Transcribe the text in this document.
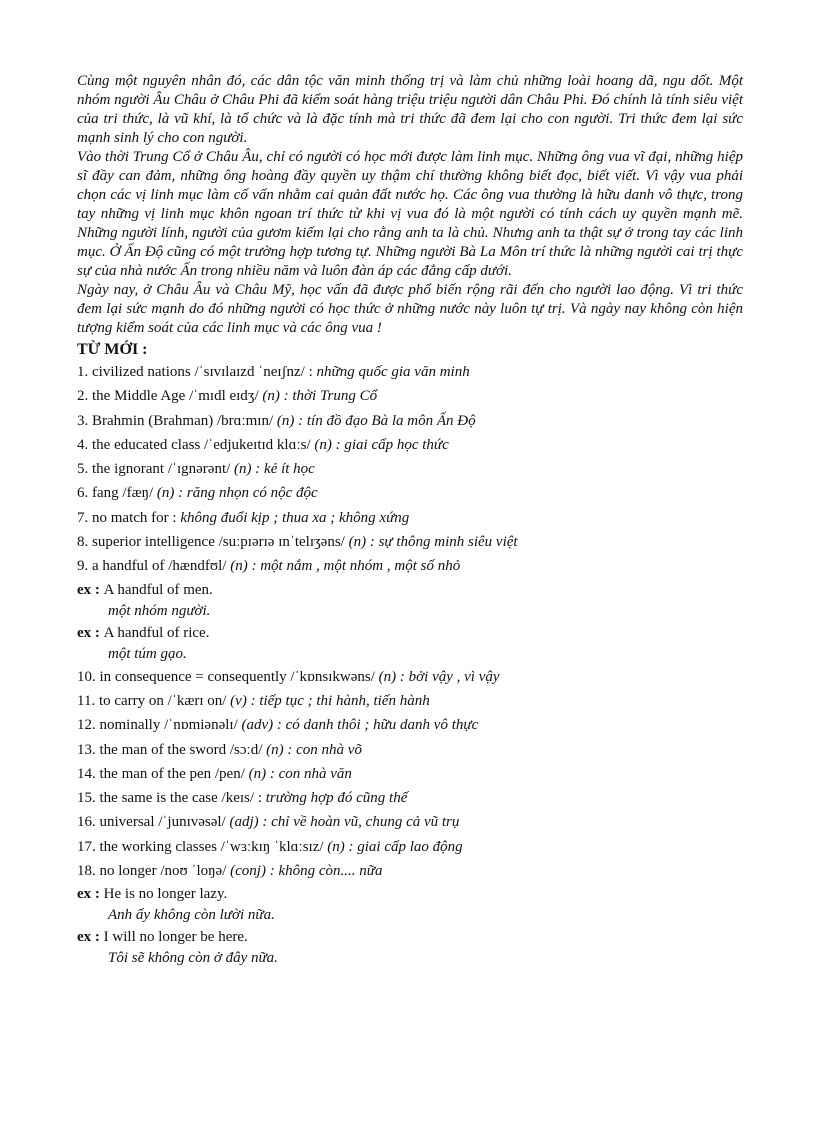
Cùng một nguyên nhân đó, các dân tộc văn minh thống trị và làm chủ những loài hoang dã, ngu dốt. Một nhóm người Âu Châu ở Châu Phi đã kiểm soát hàng triệu triệu người dân Châu Phi. Đó chính là tính siêu việt của tri thức, là vũ khí, là tổ chức và là đặc tính mà tri thức đã đem lại cho con người. Tri thức đem lại sức mạnh sinh lý cho con người.

Vào thời Trung Cổ ở Châu Âu, chỉ có người có học mới được làm linh mục. Những ông vua vĩ đại, những hiệp sĩ đầy can đảm, những ông hoàng đầy quyền uy thậm chí thường không biết đọc, biết viết. Vì vậy vua phải chọn các vị linh mục làm cố vấn nhằm cai quản đất nước họ. Các ông vua thường là hữu danh vô thực, trong tay những vị linh mục khôn ngoan trí thức từ khi vị vua đó là một người có tính cách uy quyền mạnh mẽ. Những người lính, người của gươm kiếm lại cho rằng anh ta là chủ. Nhưng anh ta thật sự ở trong tay các linh mục. Ở Ấn Độ cũng có một trường hợp tương tự. Những người Bà La Môn trí thức là những người cai trị thực sự của nhà nước Ấn trong nhiều năm và luôn đàn áp các đẳng cấp dưới.

Ngày nay, ở Châu Âu và Châu Mỹ, học vấn đã được phổ biến rộng rãi đến cho người lao động. Vì tri thức đem lại sức mạnh do đó những người có học thức ở những nước này luôn tự trị. Và ngày nay không còn hiện tượng kiểm soát của các linh mục và các ông vua !

TỪ MỚI :
1. civilized nations /ˈsɪvɪlaɪzd ˈneɪʃnz/ : những quốc gia văn minh
2. the Middle Age /ˈmɪdl eɪdʒ/ (n) : thời Trung Cổ
3. Brahmin (Brahman) /brɑːmɪn/ (n) : tín đồ đạo Bà la môn Ấn Độ
4. the educated class /ˈedjukeɪtɪd klɑːs/ (n) : giai cấp học thức
5. the ignorant /ˈɪgnərənt/ (n) : kẻ ít học
6. fang /fæŋ/ (n) : răng nhọn có nộc độc
7. no match for : không đuổi kịp ; thua xa ; không xứng
8. superior intelligence /suːpɪərɪə ɪnˈtelɪʒəns/ (n) : sự thông minh siêu việt
9. a handful of /hændfʊl/ (n) : một nắm , một nhóm , một số nhỏ
ex : A handful of men.
một nhóm người.
ex : A handful of rice.
một túm gạo.
10. in consequence = consequently /ˈkɒnsɪkwəns/ (n) : bởi vậy , vì vậy
11. to carry on /ˈkærɪ on/ (v) : tiếp tục ; thi hành, tiến hành
12. nominally /ˈnɒmiənəlɪ/ (adv) : có danh thôi ; hữu danh vô thực
13. the man of the sword /sɔːd/ (n) : con nhà võ
14. the man of the pen /pen/ (n) : con nhà văn
15. the same is the case /keɪs/ : trường hợp đó cũng thế
16. universal /ˈjunɪvəsəl/ (adj) : chỉ về hoàn vũ, chung cả vũ trụ
17. the working classes /ˈwɜːkɪŋ ˈklɑːsɪz/ (n) : giai cấp lao động
18. no longer /noʊ ˈloŋə/ (conj) : không còn.... nữa
ex : He is no longer lazy.
Anh ấy không còn lười nữa.
ex : I will no longer be here.
Tôi sẽ không còn ở đây nữa.
